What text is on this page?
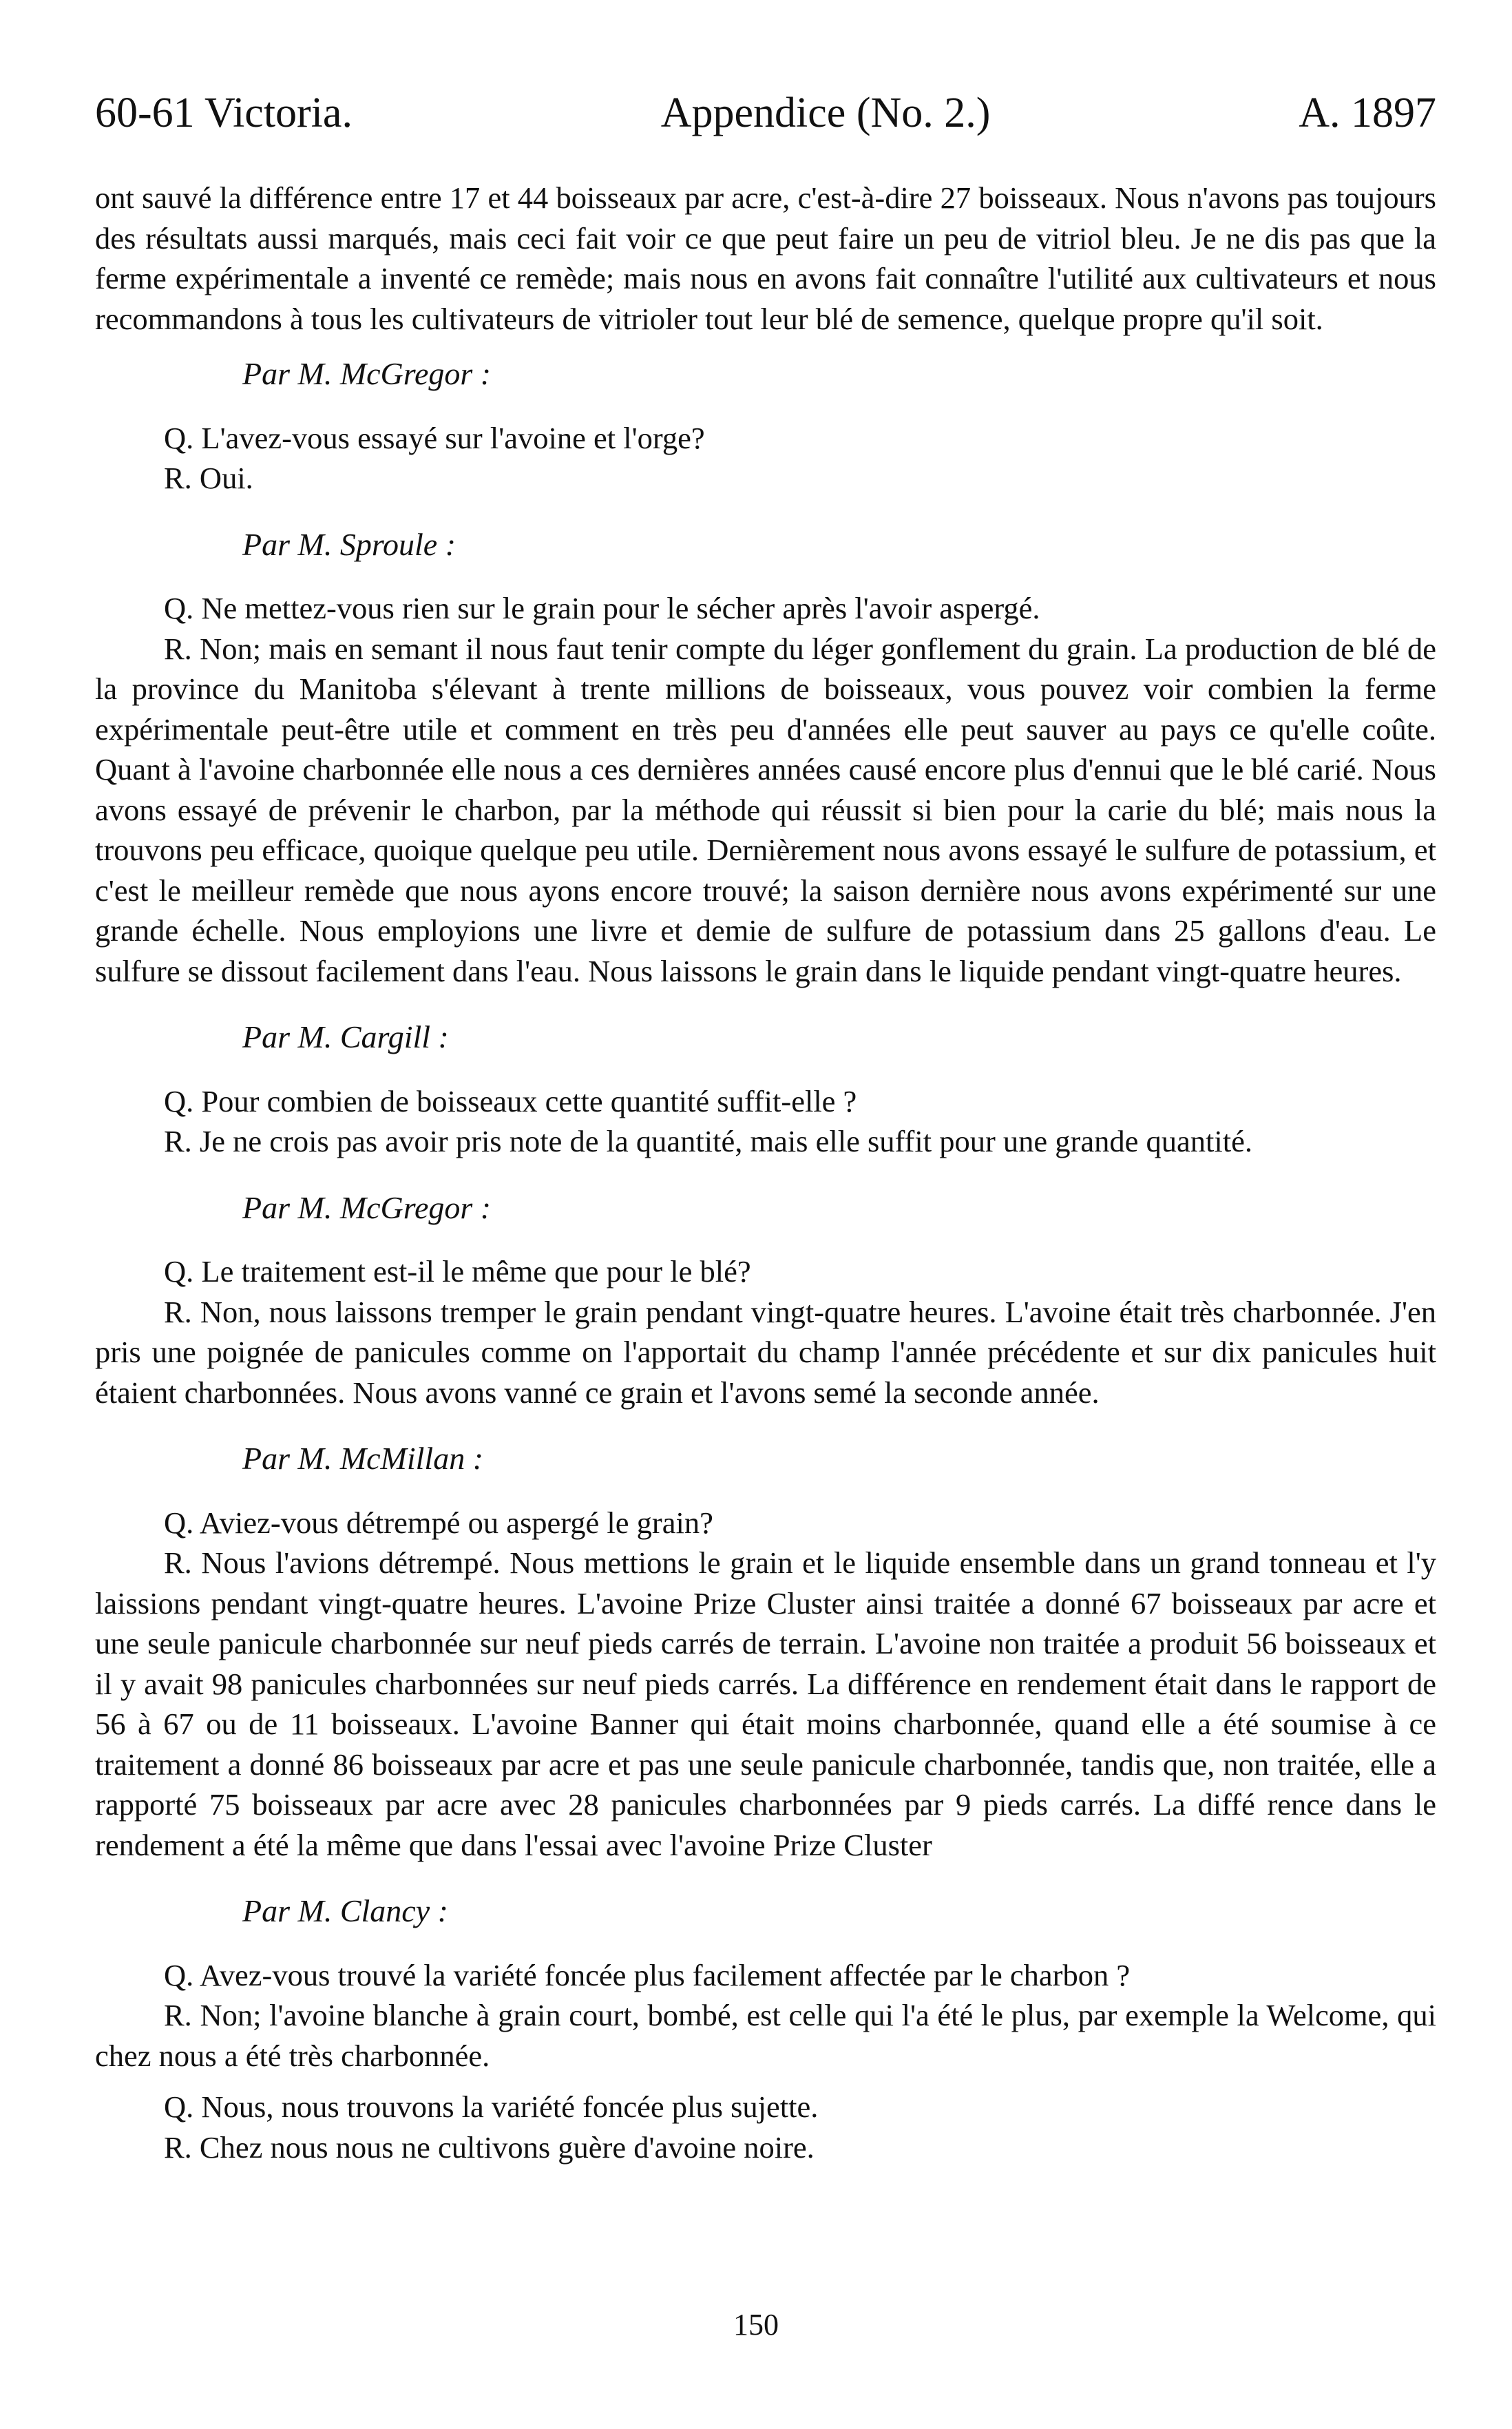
60-61 Victoria.	Appendice (No. 2.)	A. 1897

ont sauvé la différence entre 17 et 44 boisseaux par acre, c'est-à-dire 27 boisseaux. Nous n'avons pas toujours des résultats aussi marqués, mais ceci fait voir ce que peut faire un peu de vitriol bleu. Je ne dis pas que la ferme expérimentale a inventé ce remède; mais nous en avons fait connaître l'utilité aux cultivateurs et nous recommandons à tous les cultivateurs de vitrioler tout leur blé de semence, quelque propre qu'il soit.

Par M. McGregor :

Q. L'avez-vous essayé sur l'avoine et l'orge?

R. Oui.

Par M. Sproule :

Q. Ne mettez-vous rien sur le grain pour le sécher après l'avoir aspergé.

R. Non; mais en semant il nous faut tenir compte du léger gonflement du grain. La production de blé de la province du Manitoba s'élevant à trente millions de boisseaux, vous pouvez voir combien la ferme expérimentale peut-être utile et comment en très peu d'années elle peut sauver au pays ce qu'elle coûte. Quant à l'avoine charbonnée elle nous a ces dernières années causé encore plus d'ennui que le blé carié. Nous avons essayé de prévenir le charbon, par la méthode qui réussit si bien pour la carie du blé; mais nous la trouvons peu efficace, quoique quelque peu utile. Dernièrement nous avons essayé le sulfure de potassium, et c'est le meilleur remède que nous ayons encore trouvé; la saison dernière nous avons expérimenté sur une grande échelle. Nous employions une livre et demie de sulfure de potassium dans 25 gallons d'eau. Le sulfure se dissout facilement dans l'eau. Nous laissons le grain dans le liquide pendant vingt-quatre heures.

Par M. Cargill :

Q. Pour combien de boisseaux cette quantité suffit-elle ?

R. Je ne crois pas avoir pris note de la quantité, mais elle suffit pour une grande quantité.

Par M. McGregor :

Q. Le traitement est-il le même que pour le blé?

R. Non, nous laissons tremper le grain pendant vingt-quatre heures. L'avoine était très charbonnée. J'en pris une poignée de panicules comme on l'apportait du champ l'année précédente et sur dix panicules huit étaient charbonnées. Nous avons vanné ce grain et l'avons semé la seconde année.

Par M. McMillan :

Q. Aviez-vous détrempé ou aspergé le grain?

R. Nous l'avions détrempé. Nous mettions le grain et le liquide ensemble dans un grand tonneau et l'y laissions pendant vingt-quatre heures. L'avoine Prize Cluster ainsi traitée a donné 67 boisseaux par acre et une seule panicule charbonnée sur neuf pieds carrés de terrain. L'avoine non traitée a produit 56 boisseaux et il y avait 98 panicules charbonnées sur neuf pieds carrés. La différence en rendement était dans le rapport de 56 à 67 ou de 11 boisseaux. L'avoine Banner qui était moins charbonnée, quand elle a été soumise à ce traitement a donné 86 boisseaux par acre et pas une seule panicule charbonnée, tandis que, non traitée, elle a rapporté 75 boisseaux par acre avec 28 panicules charbonnées par 9 pieds carrés. La diffé rence dans le rendement a été la même que dans l'essai avec l'avoine Prize Cluster

Par M. Clancy :

Q. Avez-vous trouvé la variété foncée plus facilement affectée par le charbon ?

R. Non; l'avoine blanche à grain court, bombé, est celle qui l'a été le plus, par exemple la Welcome, qui chez nous a été très charbonnée.

Q. Nous, nous trouvons la variété foncée plus sujette.

R. Chez nous nous ne cultivons guère d'avoine noire.

150
